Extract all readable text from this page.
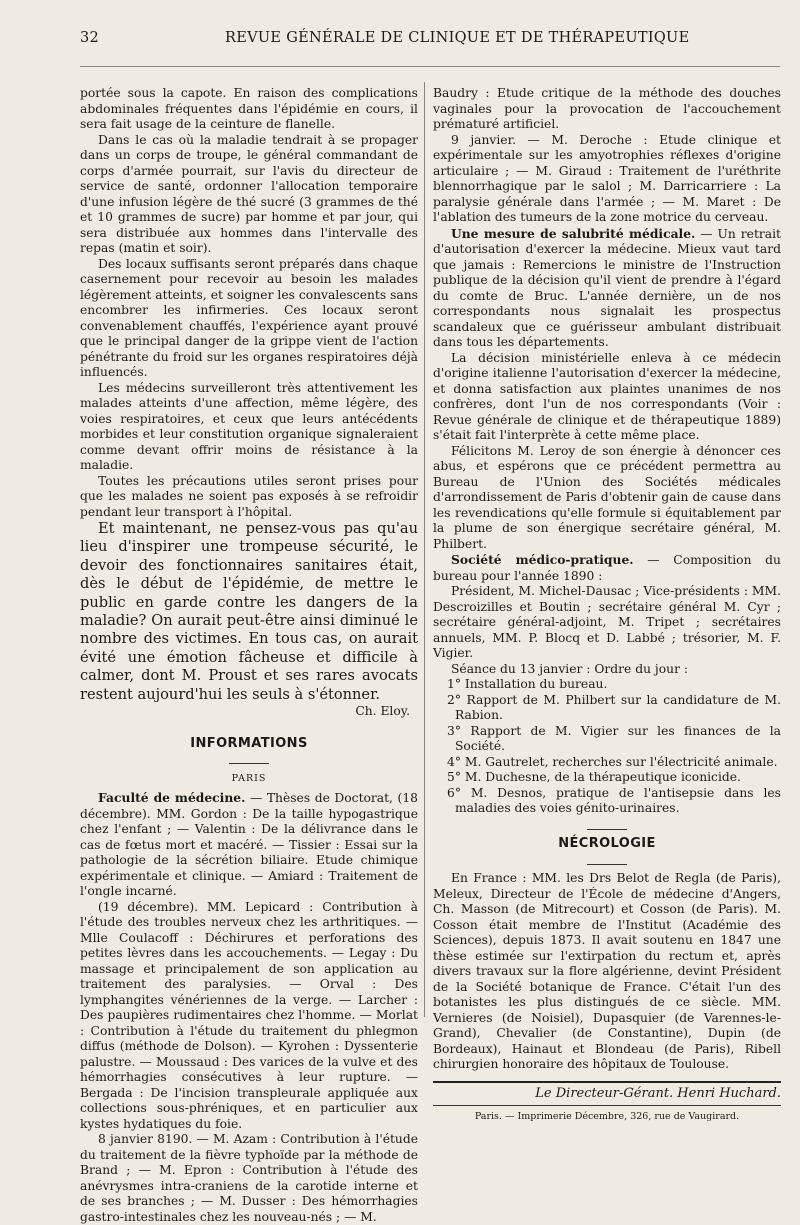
32	REVUE GÉNÉRALE DE CLINIQUE ET DE THÉRAPEUTIQUE

portée sous la capote. En raison des complications abdominales fréquentes dans l'épidémie en cours, il sera fait usage de la ceinture de flanelle.

Dans le cas où la maladie tendrait à se propager dans un corps de troupe, le général commandant de corps d'armée pourrait, sur l'avis du directeur de service de santé, ordonner l'allocation temporaire d'une infusion légère de thé sucré (3 grammes de thé et 10 grammes de sucre) par homme et par jour, qui sera distribuée aux hommes dans l'intervalle des repas (matin et soir).

Des locaux suffisants seront préparés dans chaque casernement pour recevoir au besoin les malades légèrement atteints, et soigner les convalescents sans encombrer les infirmeries. Ces locaux seront convenablement chauffés, l'expérience ayant prouvé que le principal danger de la grippe vient de l'action pénétrante du froid sur les organes respiratoires déjà influencés.

Les médecins surveilleront très attentivement les malades atteints d'une affection, même légère, des voies respiratoires, et ceux que leurs antécédents morbides et leur constitution organique signaleraient comme devant offrir moins de résistance à la maladie.

Toutes les précautions utiles seront prises pour que les malades ne soient pas exposés à se refroidir pendant leur transport à l'hôpital.

Et maintenant, ne pensez-vous pas qu'au lieu d'inspirer une trompeuse sécurité, le devoir des fonctionnaires sanitaires était, dès le début de l'épidémie, de mettre le public en garde contre les dangers de la maladie? On aurait peut-être ainsi diminué le nombre des victimes. En tous cas, on aurait évité une émotion fâcheuse et difficile à calmer, dont M. Proust et ses rares avocats restent aujourd'hui les seuls à s'étonner.

Ch. Eloy.

INFORMATIONS
PARIS

Faculté de médecine. — Thèses de Doctorat, (18 décembre). MM. Gordon : De la taille hypogastrique chez l'enfant ; — Valentin : De la délivrance dans le cas de fœtus mort et macéré. — Tissier : Essai sur la pathologie de la sécrétion biliaire. Etude chimique expérimentale et clinique. — Amiard : Traitement de l'ongle incarné.

(19 décembre). MM. Lepicard : Contribution à l'étude des troubles nerveux chez les arthritiques. — Mlle Coulacoff : Déchirures et perforations des petites lèvres dans les accouchements. — Legay : Du massage et principalement de son application au traitement des paralysies. — Orval : Des lymphangites vénériennes de la verge. — Larcher : Des paupières rudimentaires chez l'homme. — Morlat : Contribution à l'étude du traitement du phlegmon diffus (méthode de Dolson). — Kyrohen : Dyssenterie palustre. — Moussaud : Des varices de la vulve et des hémorrhagies consécutives à leur rupture. — Bergada : De l'incision transpleurale appliquée aux collections sous-phréniques, et en particulier aux kystes hydatiques du foie.

8 janvier 8190. — M. Azam : Contribution à l'étude du traitement de la fièvre typhoïde par la méthode de Brand ; — M. Epron : Contribution à l'étude des anévrysmes intra-craniens de la carotide interne et de ses branches ; — M. Dusser : Des hémorrhagies gastro-intestinales chez les nouveau-nés ; — M.

Baudry : Etude critique de la méthode des douches vaginales pour la provocation de l'accouchement prématuré artificiel.

9 janvier. — M. Deroche : Etude clinique et expérimentale sur les amyotrophies réflexes d'origine articulaire ; — M. Giraud : Traitement de l'uréthrite blennorrhagique par le salol ; M. Darricarriere : La paralysie générale dans l'armée ; — M. Maret : De l'ablation des tumeurs de la zone motrice du cerveau.

Une mesure de salubrité médicale. — Un retrait d'autorisation d'exercer la médecine. Mieux vaut tard que jamais : Remercions le ministre de l'Instruction publique de la décision qu'il vient de prendre à l'égard du comte de Bruc. L'année dernière, un de nos correspondants nous signalait les prospectus scandaleux que ce guérisseur ambulant distribuait dans tous les départements.

La décision ministérielle enleva à ce médecin d'origine italienne l'autorisation d'exercer la médecine, et donna satisfaction aux plaintes unanimes de nos confrères, dont l'un de nos correspondants (Voir : Revue générale de clinique et de thérapeutique 1889) s'était fait l'interprète à cette même place.

Félicitons M. Leroy de son énergie à dénoncer ces abus, et espérons que ce précédent permettra au Bureau de l'Union des Sociétés médicales d'arrondissement de Paris d'obtenir gain de cause dans les revendications qu'elle formule si équitablement par la plume de son énergique secrétaire général, M. Philbert.

Société médico-pratique. — Composition du bureau pour l'année 1890 :

Président, M. Michel-Dausac ; Vice-présidents : MM. Descroizilles et Boutin ; secrétaire général M. Cyr ; secrétaire général-adjoint, M. Tripet ; secrétaires annuels, MM. P. Blocq et D. Labbé ; trésorier, M. F. Vigier.

Séance du 13 janvier : Ordre du jour :

1° Installation du bureau.

2° Rapport de M. Philbert sur la candidature de M. Rabion.

3° Rapport de M. Vigier sur les finances de la Société.

4° M. Gautrelet, recherches sur l'électricité animale.

5° M. Duchesne, de la thérapeutique iconicide.

6° M. Desnos, pratique de l'antisepsie dans les maladies des voies génito-urinaires.

NÉCROLOGIE

En France : MM. les Drs Belot de Regla (de Paris), Meleux, Directeur de l'École de médecine d'Angers, Ch. Masson (de Mitrecourt) et Cosson (de Paris). M. Cosson était membre de l'Institut (Académie des Sciences), depuis 1873. Il avait soutenu en 1847 une thèse estimée sur l'extirpation du rectum et, après divers travaux sur la flore algérienne, devint Président de la Société botanique de France. C'était l'un des botanistes les plus distingués de ce siècle. MM. Vernieres (de Noisiel), Dupasquier (de Varennes-le-Grand), Chevalier (de Constantine), Dupin (de Bordeaux), Hainaut et Blondeau (de Paris), Ribell chirurgien honoraire des hôpitaux de Toulouse.

Le Directeur-Gérant. Henri Huchard.
Paris. — Imprimerie Décembre, 326, rue de Vaugirard.
